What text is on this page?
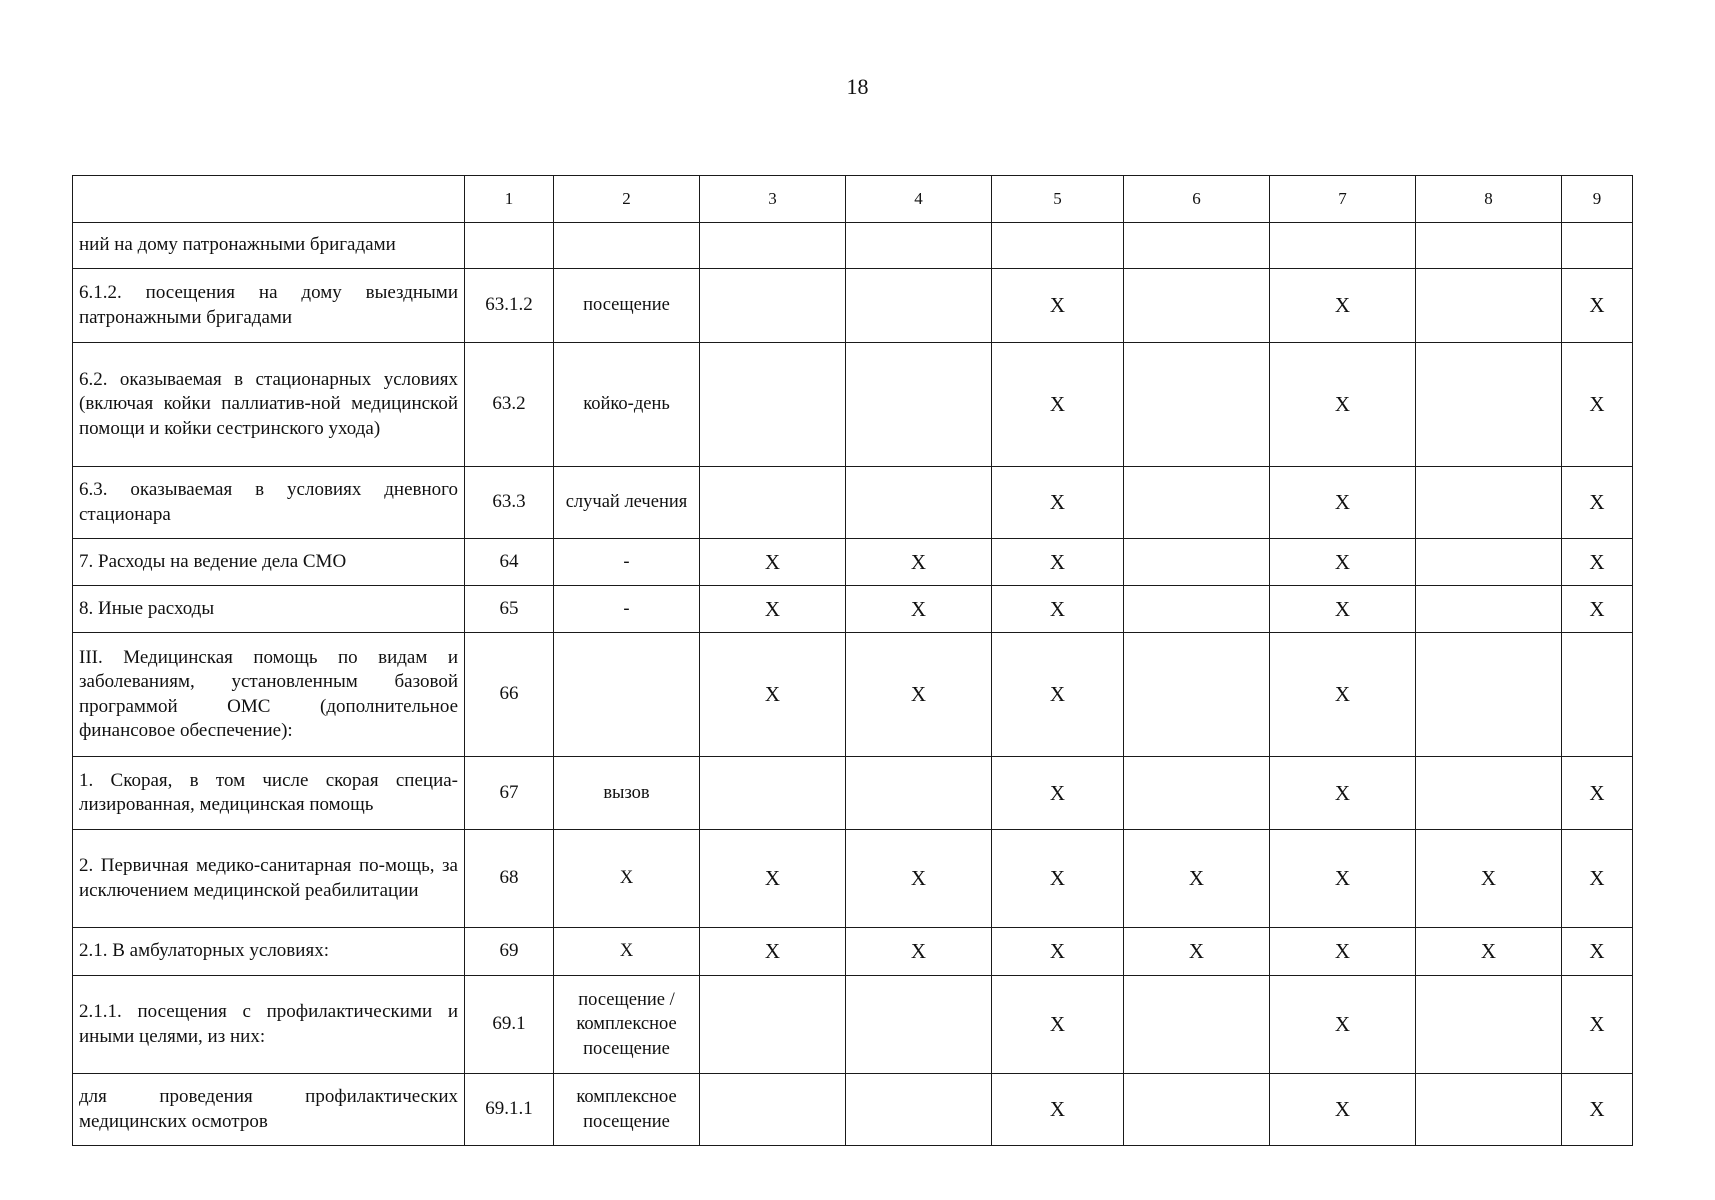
18
	1	2	3	4	5	6	7	8	9
ний на дому патронажными бригадами									
6.1.2. посещения на дому выездными патронажными бригадами	63.1.2	посещение			X		X		X
6.2. оказываемая в стационарных условиях (включая койки паллиатив-ной медицинской помощи и койки сестринского ухода)	63.2	койко-день			X		X		X
6.3. оказываемая в условиях дневного стационара	63.3	случай лечения			X		X		X
7. Расходы на ведение дела СМО	64	-	X	X	X		X		X
8. Иные расходы	65	-	X	X	X		X		X
III. Медицинская помощь по видам и заболеваниям, установленным базовой программой ОМС (дополнительное финансовое обеспечение):	66		X	X	X		X		
1. Скорая, в том числе скорая специа-лизированная, медицинская помощь	67	вызов			X		X		X
2. Первичная медико-санитарная по-мощь, за исключением медицинской реабилитации	68	X	X	X	X	X	X	X	X
2.1. В амбулаторных условиях:	69	X	X	X	X	X	X	X	X
2.1.1. посещения с профилактическими и иными целями, из них:	69.1	посещение / комплексное посещение			X		X		X
для проведения профилактических медицинских осмотров	69.1.1	комплексное посещение			X		X		X
